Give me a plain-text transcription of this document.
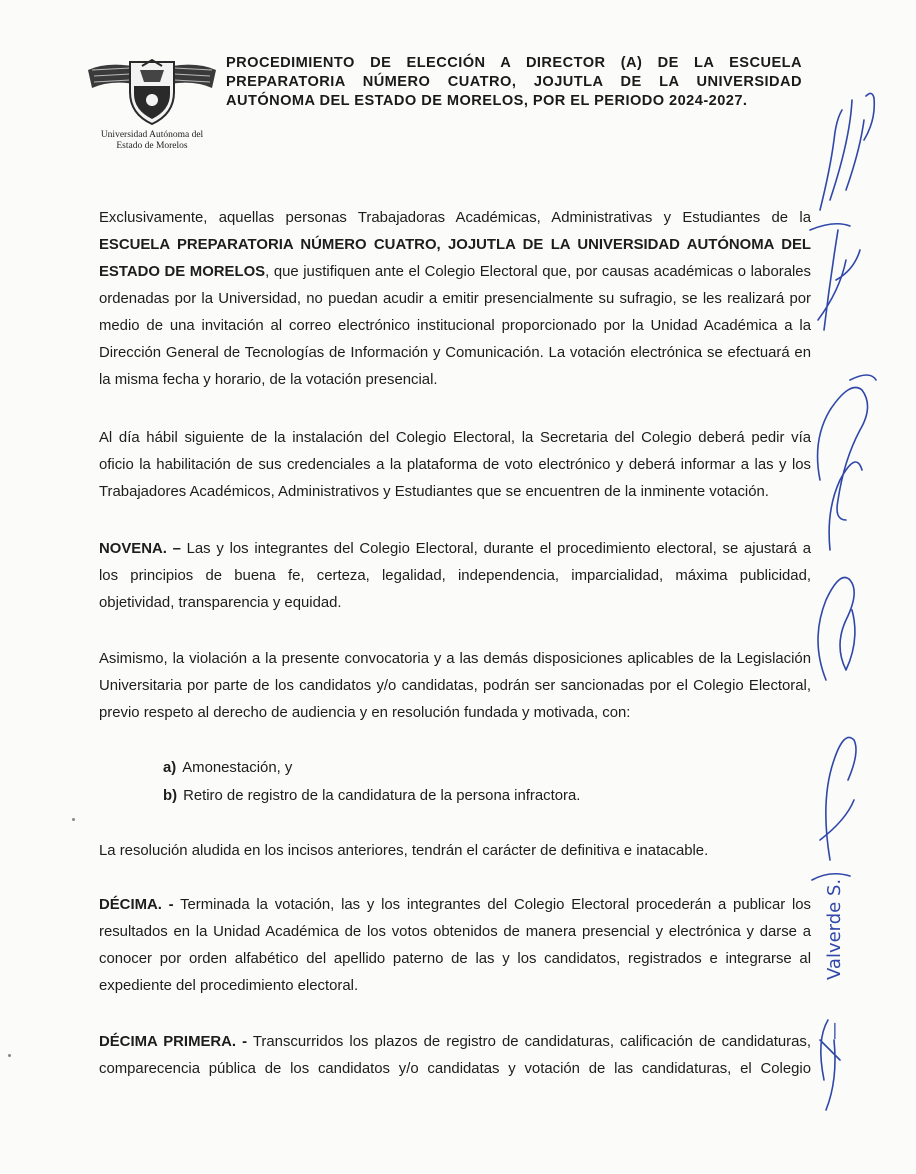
Universidad Autónoma del
Estado de Morelos
PROCEDIMIENTO DE ELECCIÓN A DIRECTOR (A) DE LA ESCUELA
PREPARATORIA NÚMERO CUATRO, JOJUTLA DE LA UNIVERSIDAD
AUTÓNOMA DEL ESTADO DE MORELOS, POR EL PERIODO 2024-2027.
Exclusivamente, aquellas personas Trabajadoras Académicas, Administrativas y Estudiantes de la
ESCUELA PREPARATORIA NÚMERO CUATRO, JOJUTLA DE LA UNIVERSIDAD AUTÓNOMA DEL
ESTADO DE MORELOS, que justifiquen ante el Colegio Electoral que, por causas académicas o laborales
ordenadas por la Universidad, no puedan acudir a emitir presencialmente su sufragio, se les realizará por
medio de una invitación al correo electrónico institucional proporcionado por la Unidad Académica a la
Dirección General de Tecnologías de Información y Comunicación. La votación electrónica se efectuará en
la misma fecha y horario, de la votación presencial.
Al día hábil siguiente de la instalación del Colegio Electoral, la Secretaria del Colegio deberá pedir vía
oficio la habilitación de sus credenciales a la plataforma de voto electrónico y deberá informar a las y los
Trabajadores Académicos, Administrativos y Estudiantes que se encuentren de la inminente votación.
NOVENA. – Las y los integrantes del Colegio Electoral, durante el procedimiento electoral, se ajustará a
los principios de buena fe, certeza, legalidad, independencia, imparcialidad, máxima publicidad,
objetividad, transparencia y equidad.
Asimismo, la violación a la presente convocatoria y a las demás disposiciones aplicables de la Legislación
Universitaria por parte de los candidatos y/o candidatas, podrán ser sancionadas por el Colegio Electoral,
previo respeto al derecho de audiencia y en resolución fundada y motivada, con:
a) Amonestación, y
b) Retiro de registro de la candidatura de la persona infractora.
La resolución aludida en los incisos anteriores, tendrán el carácter de definitiva e inatacable.
DÉCIMA. - Terminada la votación, las y los integrantes del Colegio Electoral procederán a publicar los
resultados en la Unidad Académica de los votos obtenidos de manera presencial y electrónica y darse a
conocer por orden alfabético del apellido paterno de las y los candidatos, registrados e integrarse al
expediente del procedimiento electoral.
DÉCIMA PRIMERA. - Transcurridos los plazos de registro de candidaturas, calificación de candidaturas,
comparecencia pública de los candidatos y/o candidatas y votación de las candidaturas, el Colegio
Valverde S.
—
